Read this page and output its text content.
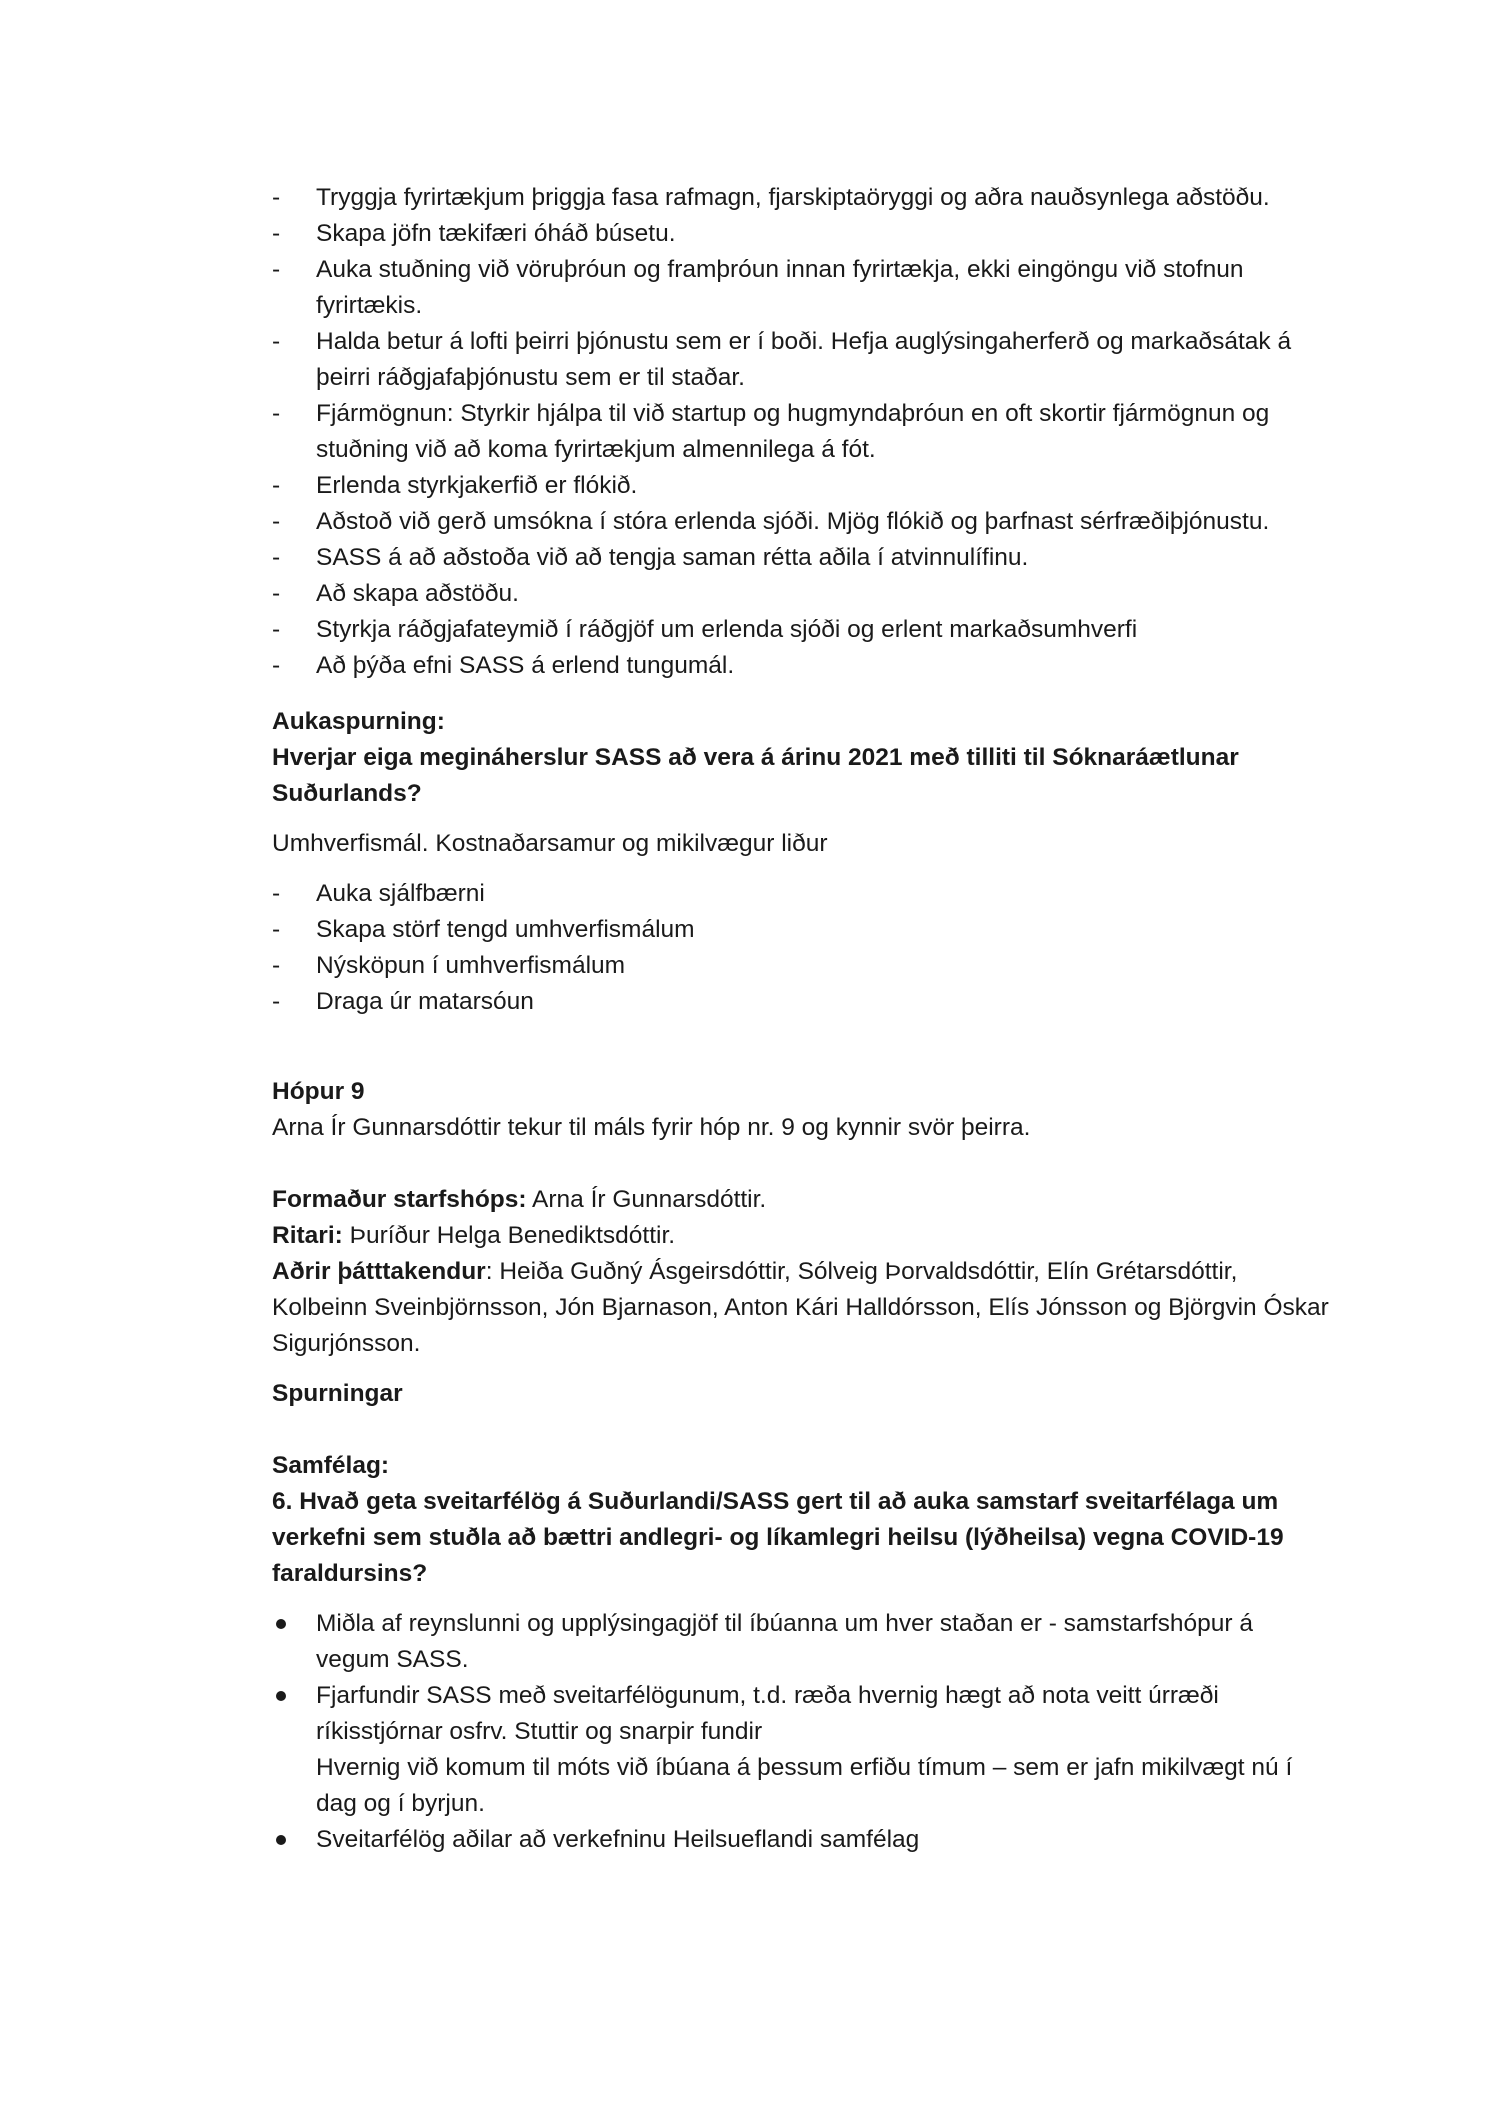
- Tryggja fyrirtækjum þriggja fasa rafmagn, fjarskiptaöryggi og aðra nauðsynlega aðstöðu.
- Skapa jöfn tækifæri óháð búsetu.
- Auka stuðning við vöruþróun og framþróun innan fyrirtækja, ekki eingöngu við stofnun fyrirtækis.
- Halda betur á lofti þeirri þjónustu sem er í boði. Hefja auglýsingaherferð og markaðsátak á þeirri ráðgjafaþjónustu sem er til staðar.
- Fjármögnun: Styrkir hjálpa til við startup og hugmyndaþróun en oft skortir fjármögnun og stuðning við að koma fyrirtækjum almennilega á fót.
- Erlenda styrkjakerfið er flókið.
- Aðstoð við gerð umsókna í stóra erlenda sjóði. Mjög flókið og þarfnast sérfræðiþjónustu.
- SASS á að aðstoða við að tengja saman rétta aðila í atvinnulífinu.
- Að skapa aðstöðu.
- Styrkja ráðgjafateymið í ráðgjöf um erlenda sjóði og erlent markaðsumhverfi
- Að þýða efni SASS á erlend tungumál.

Aukaspurning:

Hverjar eiga megináherslur SASS að vera á árinu 2021 með tilliti til Sóknaráætlunar Suðurlands?

Umhverfismál. Kostnaðarsamur og mikilvægur liður

- Auka sjálfbærni
- Skapa störf tengd umhverfismálum
- Nýsköpun í umhverfismálum
- Draga úr matarsóun

Hópur 9

Arna Ír Gunnarsdóttir tekur til máls fyrir hóp nr. 9 og kynnir svör þeirra.

Formaður starfshóps: Arna Ír Gunnarsdóttir.

Ritari: Þuríður Helga Benediktsdóttir.

Aðrir þátttakendur: Heiða Guðný Ásgeirsdóttir, Sólveig Þorvaldsdóttir, Elín Grétarsdóttir, Kolbeinn Sveinbjörnsson, Jón Bjarnason, Anton Kári Halldórsson, Elís Jónsson og Björgvin Óskar Sigurjónsson.

Spurningar

Samfélag:

6. Hvað geta sveitarfélög á Suðurlandi/SASS gert til að auka samstarf sveitarfélaga um verkefni sem stuðla að bættri andlegri- og líkamlegri heilsu (lýðheilsa) vegna COVID-19 faraldursins?

Miðla af reynslunni og upplýsingagjöf til íbúanna um hver staðan er - samstarfshópur á vegum SASS.
Fjarfundir SASS með sveitarfélögunum, t.d. ræða hvernig hægt að nota veitt úrræði ríkisstjórnar osfrv. Stuttir og snarpir fundir
Hvernig við komum til móts við íbúana á þessum erfiðu tímum – sem er jafn mikilvægt nú í dag og í byrjun.
Sveitarfélög aðilar að verkefninu Heilsueflandi samfélag
